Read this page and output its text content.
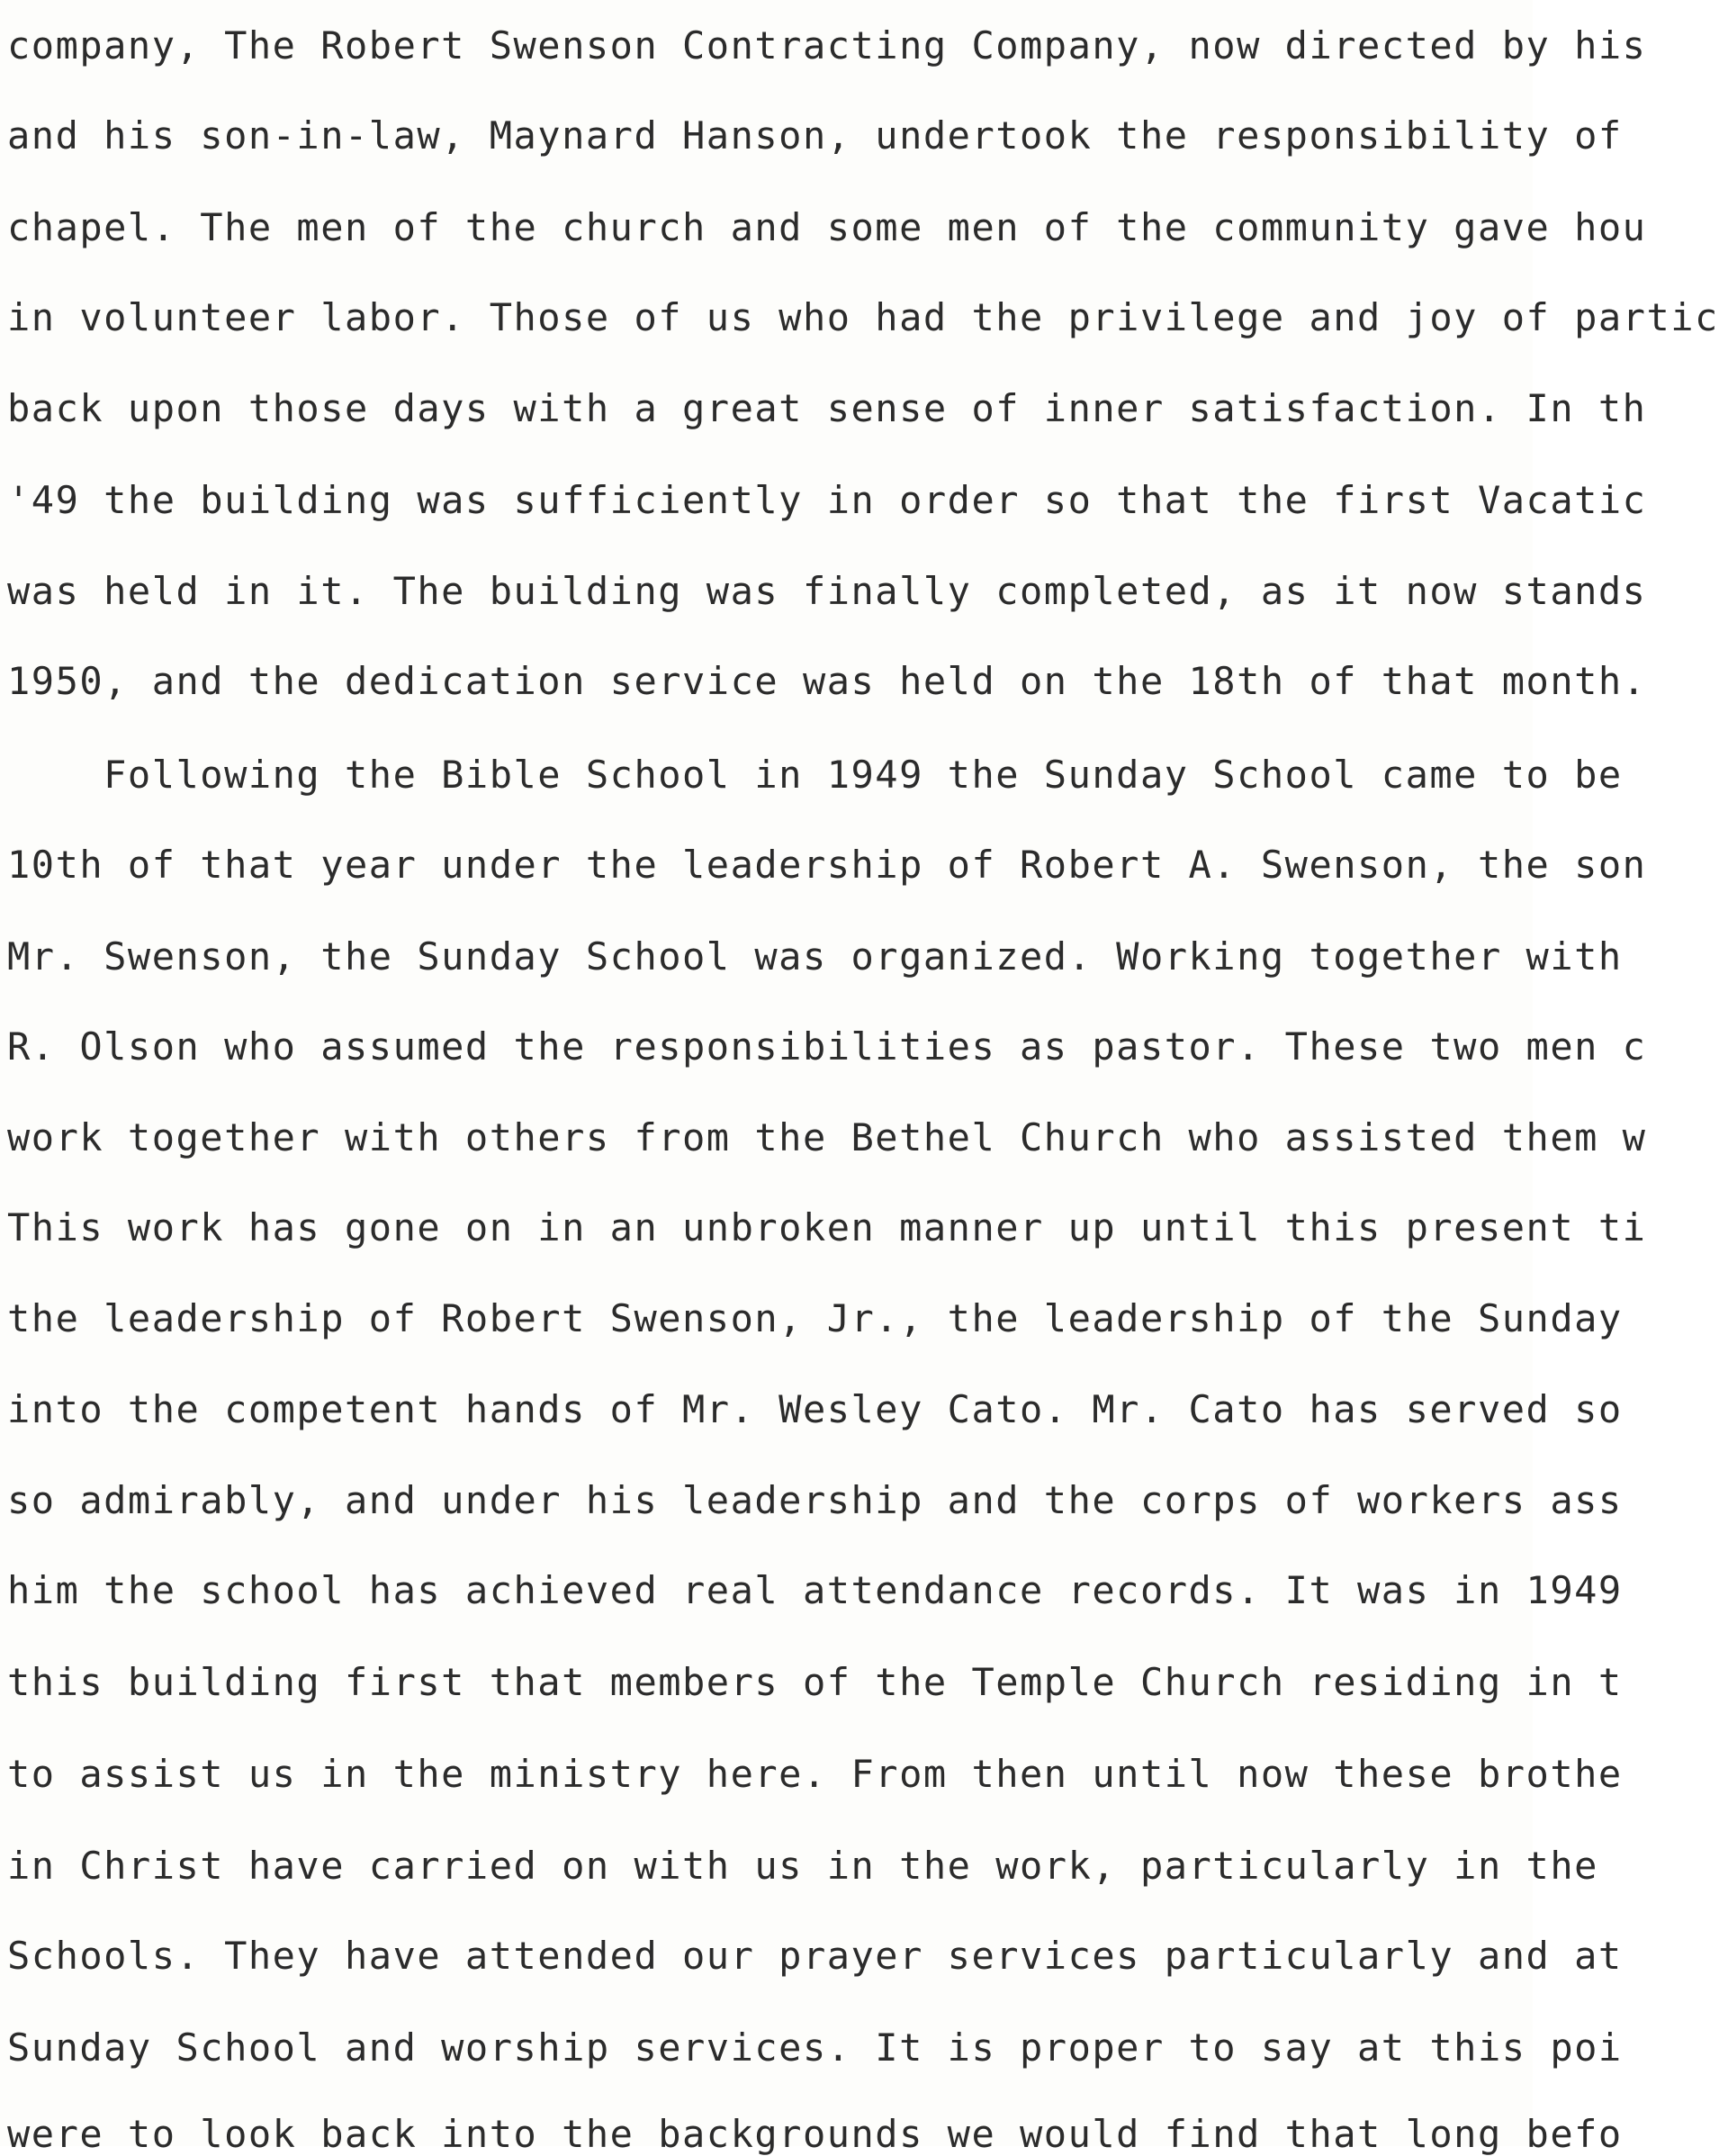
company, The Robert Swenson Contracting Company, now directed by his
and his son-in-law, Maynard Hanson, undertook the responsibility of
chapel. The men of the church and some men of the community gave hou
in volunteer labor. Those of us who had the privilege and joy of partic
back upon those days with a great sense of inner satisfaction. In th
'49 the building was sufficiently in order so that the first Vacatic
was held in it. The building was finally completed, as it now stands
1950, and the dedication service was held on the 18th of that month.
Following the Bible School in 1949 the Sunday School came to be
10th of that year under the leadership of Robert A. Swenson, the son
Mr. Swenson, the Sunday School was organized. Working together with
R. Olson who assumed the responsibilities as pastor. These two men c
work together with others from the Bethel Church who assisted them w
This work has gone on in an unbroken manner up until this present ti
the leadership of Robert Swenson, Jr., the leadership of the Sunday
into the competent hands of Mr. Wesley Cato. Mr. Cato has served so
so admirably, and under his leadership and the corps of workers ass
him the school has achieved real attendance records. It was in 1949
this building first that members of the Temple Church residing in t
to assist us in the ministry here. From then until now these brothe
in Christ have carried on with us in the work, particularly in the
Schools. They have attended our prayer services particularly and at
Sunday School and worship services. It is proper to say at this poi
were to look back into the backgrounds we would find that long befo
